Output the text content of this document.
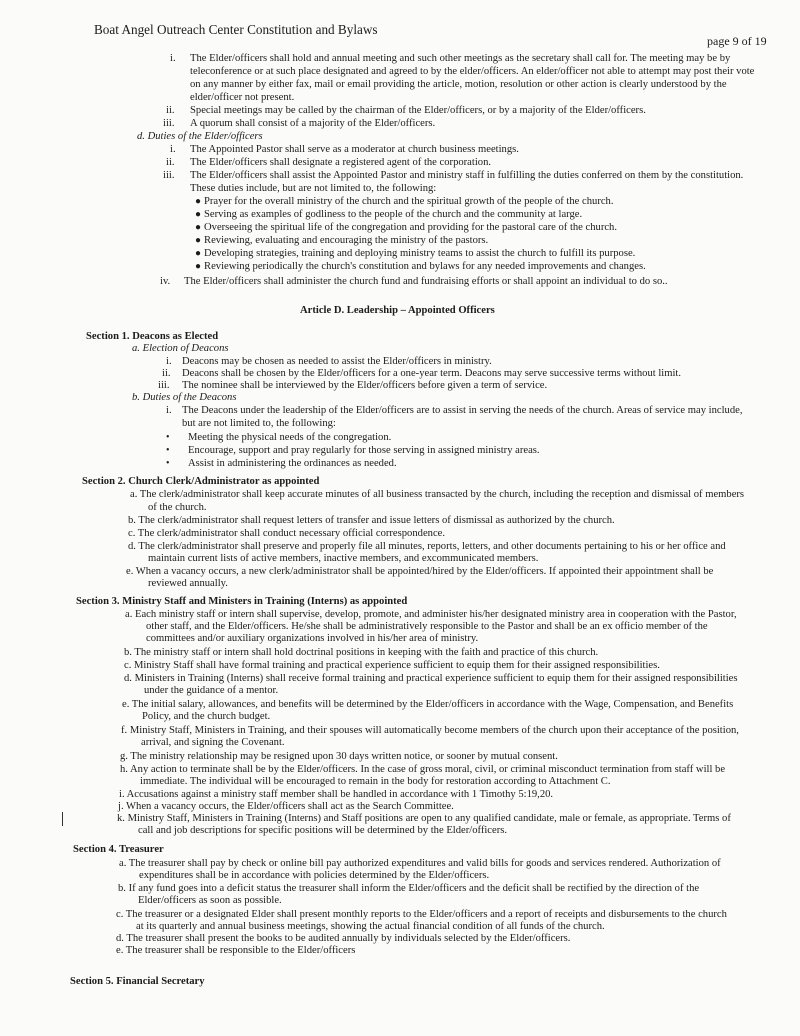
Boat Angel Outreach Center Constitution and Bylaws
page 9 of 19
i. The Elder/officers shall hold and annual meeting and such other meetings as the secretary shall call for. The meeting may be by
teleconference or at such place designated and agreed to by the elder/officers. An elder/officer not able to attempt may post their vote
on any manner by either fax, mail or email providing the article, motion, resolution or other action is clearly understood by the
elder/officer not present.
ii. Special meetings may be called by the chairman of the Elder/officers, or by a majority of the Elder/officers.
iii. A quorum shall consist of a majority of the Elder/officers.
d. Duties of the Elder/officers
i. The Appointed Pastor shall serve as a moderator at church business meetings.
ii. The Elder/officers shall designate a registered agent of the corporation.
iii. The Elder/officers shall assist the Appointed Pastor and ministry staff in fulfilling the duties conferred on them by the constitution.
These duties include, but are not limited to, the following:
● Prayer for the overall ministry of the church and the spiritual growth of the people of the church.
● Serving as examples of godliness to the people of the church and the community at large.
● Overseeing the spiritual life of the congregation and providing for the pastoral care of the church.
● Reviewing, evaluating and encouraging the ministry of the pastors.
● Developing strategies, training and deploying ministry teams to assist the church to fulfill its purpose.
● Reviewing periodically the church's constitution and bylaws for any needed improvements and changes.
iv. The Elder/officers shall administer the church fund and fundraising efforts or shall appoint an individual to do so..
Article D. Leadership – Appointed Officers
Section 1. Deacons as Elected
a. Election of Deacons
i. Deacons may be chosen as needed to assist the Elder/officers in ministry.
ii. Deacons shall be chosen by the Elder/officers for a one-year term. Deacons may serve successive terms without limit.
iii. The nominee shall be interviewed by the Elder/officers before given a term of service.
b. Duties of the Deacons
i. The Deacons under the leadership of the Elder/officers are to assist in serving the needs of the church. Areas of service may include,
but are not limited to, the following:
• Meeting the physical needs of the congregation.
• Encourage, support and pray regularly for those serving in assigned ministry areas.
• Assist in administering the ordinances as needed.
Section 2. Church Clerk/Administrator as appointed
a. The clerk/administrator shall keep accurate minutes of all business transacted by the church, including the reception and dismissal of members
of the church.
b. The clerk/administrator shall request letters of transfer and issue letters of dismissal as authorized by the church.
c. The clerk/administrator shall conduct necessary official correspondence.
d. The clerk/administrator shall preserve and properly file all minutes, reports, letters, and other documents pertaining to his or her office and
maintain current lists of active members, inactive members, and excommunicated members.
e. When a vacancy occurs, a new clerk/administrator shall be appointed/hired by the Elder/officers. If appointed their appointment shall be
reviewed annually.
Section 3. Ministry Staff and Ministers in Training (Interns) as appointed
a. Each ministry staff or intern shall supervise, develop, promote, and administer his/her designated ministry area in cooperation with the Pastor,
other staff, and the Elder/officers. He/she shall be administratively responsible to the Pastor and shall be an ex officio member of the
committees and/or auxiliary organizations involved in his/her area of ministry.
b. The ministry staff or intern shall hold doctrinal positions in keeping with the faith and practice of this church.
c. Ministry Staff shall have formal training and practical experience sufficient to equip them for their assigned responsibilities.
d. Ministers in Training (Interns) shall receive formal training and practical experience sufficient to equip them for their assigned responsibilities
under the guidance of a mentor.
e. The initial salary, allowances, and benefits will be determined by the Elder/officers in accordance with the Wage, Compensation, and Benefits
Policy, and the church budget.
f. Ministry Staff, Ministers in Training, and their spouses will automatically become members of the church upon their acceptance of the position,
arrival, and signing the Covenant.
g. The ministry relationship may be resigned upon 30 days written notice, or sooner by mutual consent.
h. Any action to terminate shall be by the Elder/officers. In the case of gross moral, civil, or criminal misconduct termination from staff will be
immediate. The individual will be encouraged to remain in the body for restoration according to Attachment C.
i. Accusations against a ministry staff member shall be handled in accordance with 1 Timothy 5:19,20.
j. When a vacancy occurs, the Elder/officers shall act as the Search Committee.
k. Ministry Staff, Ministers in Training (Interns) and Staff positions are open to any qualified candidate, male or female, as appropriate. Terms of
call and job descriptions for specific positions will be determined by the Elder/officers.
Section 4. Treasurer
a. The treasurer shall pay by check or online bill pay authorized expenditures and valid bills for goods and services rendered. Authorization of
expenditures shall be in accordance with policies determined by the Elder/officers.
b. If any fund goes into a deficit status the treasurer shall inform the Elder/officers and the deficit shall be rectified by the direction of the
Elder/officers as soon as possible.
c. The treasurer or a designated Elder shall present monthly reports to the Elder/officers and a report of receipts and disbursements to the church
at its quarterly and annual business meetings, showing the actual financial condition of all funds of the church.
d. The treasurer shall present the books to be audited annually by individuals selected by the Elder/officers.
e. The treasurer shall be responsible to the Elder/officers
Section 5. Financial Secretary
